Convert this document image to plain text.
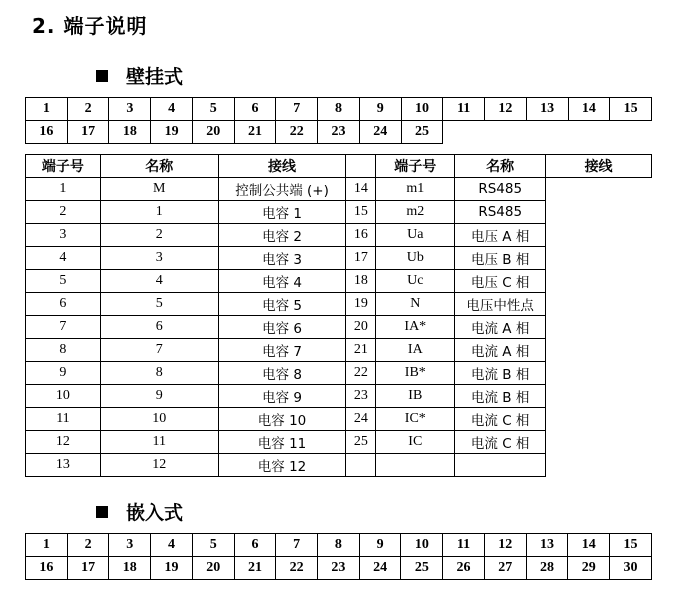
2. 端子说明
壁挂式
1	2	3	4	5	6	7	8	9	10	11	12	13	14	15
16	17	18	19	20	21	22	23	24	25					
端子号	名称	接线		端子号	名称	接线
1	M	控制公共端 (+)	14	m1	RS485	
2	1	电容 1	15	m2	RS485	
3	2	电容 2	16	Ua	电压 A 相	
4	3	电容 3	17	Ub	电压 B 相	
5	4	电容 4	18	Uc	电压 C 相	
6	5	电容 5	19	N	电压中性点	
7	6	电容 6	20	IA*	电流 A 相	
8	7	电容 7	21	IA	电流 A 相	
9	8	电容 8	22	IB*	电流 B 相	
10	9	电容 9	23	IB	电流 B 相	
11	10	电容 10	24	IC*	电流 C 相	
12	11	电容 11	25	IC	电流 C 相	
13	12	电容 12				
嵌入式
1	2	3	4	5	6	7	8	9	10	11	12	13	14	15
16	17	18	19	20	21	22	23	24	25	26	27	28	29	30
